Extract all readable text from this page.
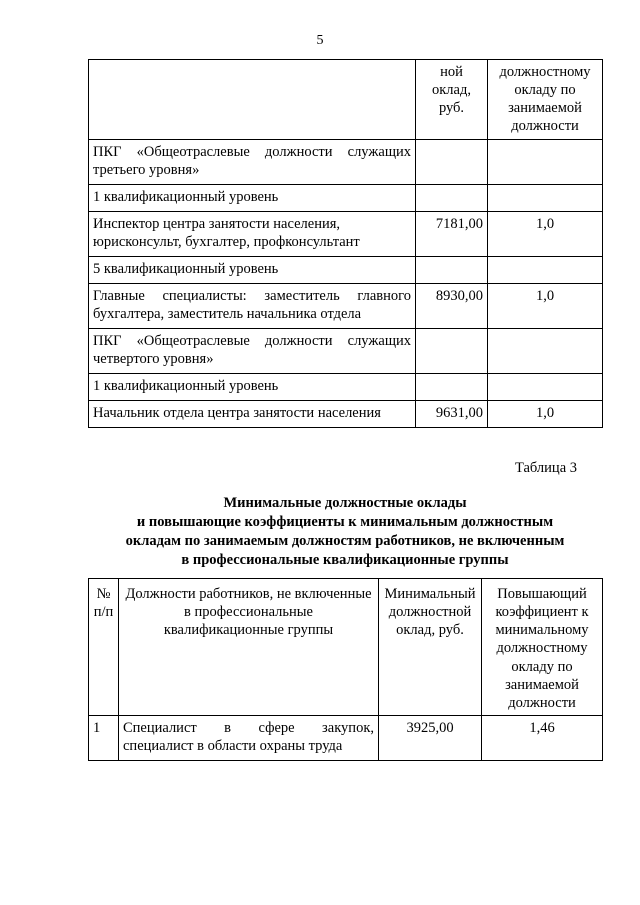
5
	ной оклад, руб.	должностному окладу по занимаемой должности
ПКГ «Общеотраслевые должности служащих третьего уровня»		
1 квалификационный уровень		
Инспектор центра занятости населения, юрисконсульт, бухгалтер, профконсультант	7181,00	1,0
5 квалификационный уровень		
Главные специалисты: заместитель главного бухгалтера, заместитель начальника отдела	8930,00	1,0
ПКГ «Общеотраслевые должности служащих четвертого уровня»		
1 квалификационный уровень		
Начальник отдела центра занятости населения	9631,00	1,0
Таблица 3
Минимальные должностные оклады
и повышающие коэффициенты к минимальным должностным
окладам по занимаемым должностям работников, не включенным
в профессиональные квалификационные группы
№ п/п	Должности работников, не включенные в профессиональные квалификационные группы	Минимальный должностной оклад, руб.	Повышающий коэффициент к минимальному должностному окладу по занимаемой должности
1	Специалист в сфере закупок, специалист в области охраны труда	3925,00	1,46
